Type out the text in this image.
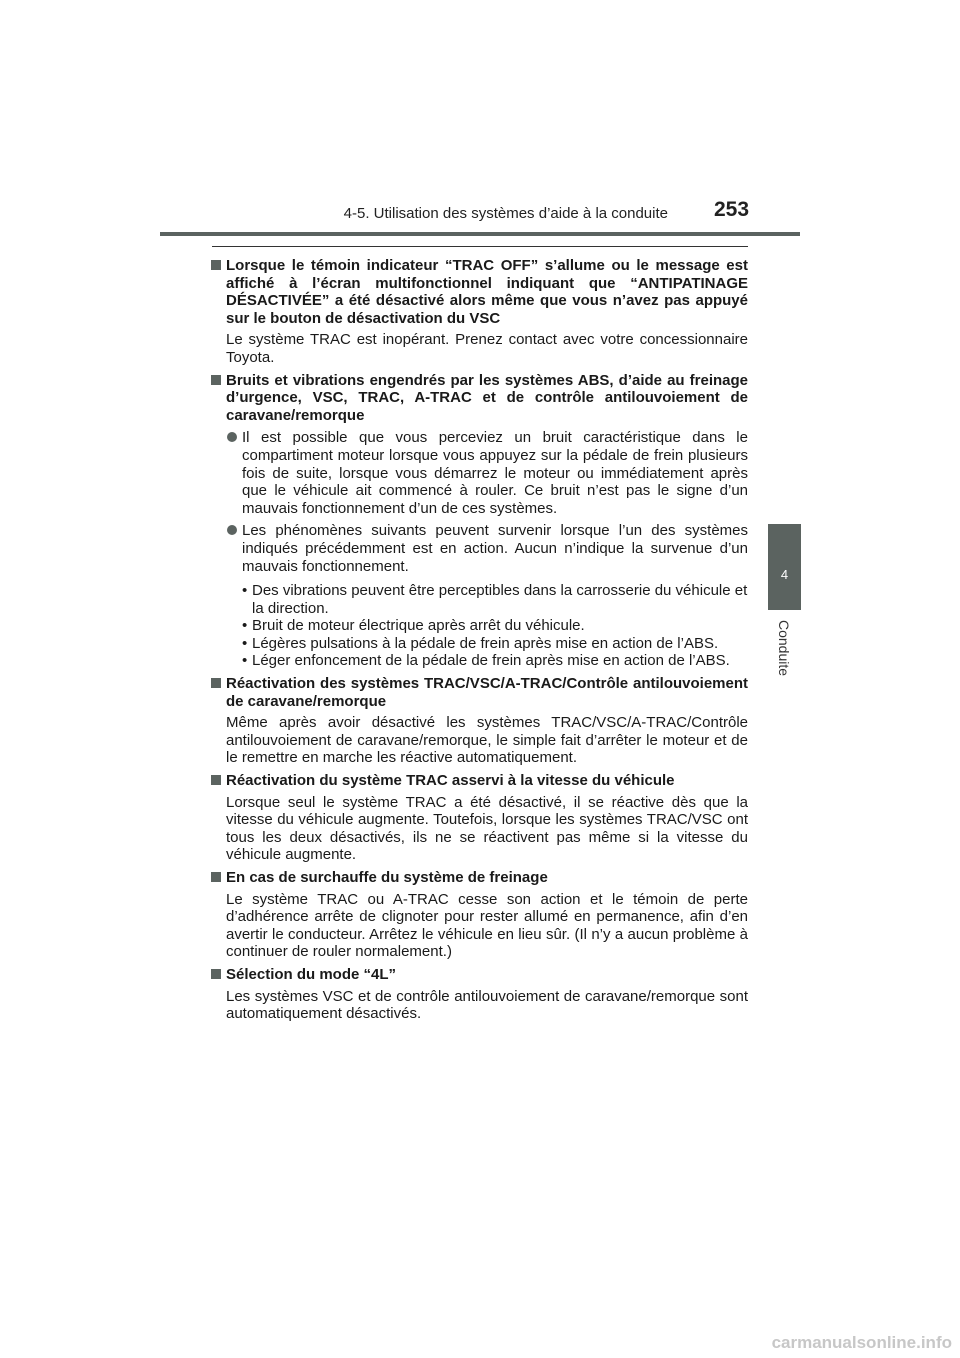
4-5. Utilisation des systèmes d’aide à la conduite 253
4
Conduite
Lorsque le témoin indicateur “TRAC OFF” s’allume ou le message est affiché à l’écran multifonctionnel indiquant que “ANTIPATINAGE DÉSACTIVÉE” a été désactivé alors même que vous n’avez pas appuyé sur le bouton de désactivation du VSC
Le système TRAC est inopérant. Prenez contact avec votre concessionnaire Toyota.
Bruits et vibrations engendrés par les systèmes ABS, d’aide au freinage d’urgence, VSC, TRAC, A-TRAC et de contrôle antilouvoiement de caravane/remorque
Il est possible que vous perceviez un bruit caractéristique dans le compartiment moteur lorsque vous appuyez sur la pédale de frein plusieurs fois de suite, lorsque vous démarrez le moteur ou immédiatement après que le véhicule ait commencé à rouler. Ce bruit n’est pas le signe d’un mauvais fonctionnement d’un de ces systèmes.
Les phénomènes suivants peuvent survenir lorsque l’un des systèmes indiqués précédemment est en action. Aucun n’indique la survenue d’un mauvais fonctionnement.
• Des vibrations peuvent être perceptibles dans la carrosserie du véhicule et la direction.
• Bruit de moteur électrique après arrêt du véhicule.
• Légères pulsations à la pédale de frein après mise en action de l’ABS.
• Léger enfoncement de la pédale de frein après mise en action de l’ABS.
Réactivation des systèmes TRAC/VSC/A-TRAC/Contrôle antilouvoiement de caravane/remorque
Même après avoir désactivé les systèmes TRAC/VSC/A-TRAC/Contrôle antilouvoiement de caravane/remorque, le simple fait d’arrêter le moteur et de le remettre en marche les réactive automatiquement.
Réactivation du système TRAC asservi à la vitesse du véhicule
Lorsque seul le système TRAC a été désactivé, il se réactive dès que la vitesse du véhicule augmente. Toutefois, lorsque les systèmes TRAC/VSC ont tous les deux désactivés, ils ne se réactivent pas même si la vitesse du véhicule augmente.
En cas de surchauffe du système de freinage
Le système TRAC ou A-TRAC cesse son action et le témoin de perte d’adhérence arrête de clignoter pour rester allumé en permanence, afin d’en avertir le conducteur. Arrêtez le véhicule en lieu sûr. (Il n’y a aucun problème à continuer de rouler normalement.)
Sélection du mode “4L”
Les systèmes VSC et de contrôle antilouvoiement de caravane/remorque sont automatiquement désactivés.
carmanualsonline.info
